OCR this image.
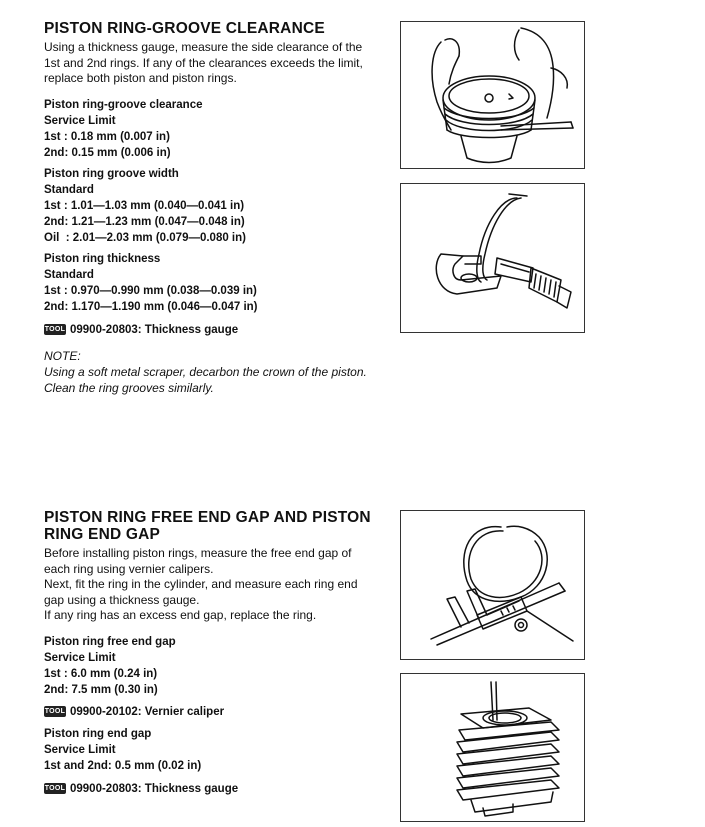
PISTON RING-GROOVE CLEARANCE

Using a thickness gauge, measure the side clearance of the

1st and 2nd rings. If any of the clearances exceeds the limit,

replace both piston and piston rings.

Piston ring-groove clearance

Service Limit

1st : 0.18 mm (0.007 in)

2nd: 0.15 mm (0.006 in)

Piston ring groove width

Standard

1st : 1.01—1.03 mm (0.040—0.041 in)

2nd: 1.21—1.23 mm (0.047—0.048 in)

Oil  : 2.01—2.03 mm (0.079—0.080 in)

Piston ring thickness

Standard

1st : 0.970—0.990 mm (0.038—0.039 in)

2nd: 1.170—1.190 mm (0.046—0.047 in)

TOOL 09900-20803: Thickness gauge

NOTE:

Using a soft metal scraper, decarbon the crown of the piston.

Clean the ring grooves similarly.

PISTON RING FREE END GAP AND PISTON

RING END GAP

Before installing piston rings, measure the free end gap of

each ring using vernier calipers.

Next, fit the ring in the cylinder, and measure each ring end

gap using a thickness gauge.

If any ring has an excess end gap, replace the ring.

Piston ring free end gap

Service Limit

1st : 6.0 mm (0.24 in)

2nd: 7.5 mm (0.30 in)

TOOL 09900-20102: Vernier caliper

Piston ring end gap

Service Limit

1st and 2nd: 0.5 mm (0.02 in)

TOOL 09900-20803: Thickness gauge
